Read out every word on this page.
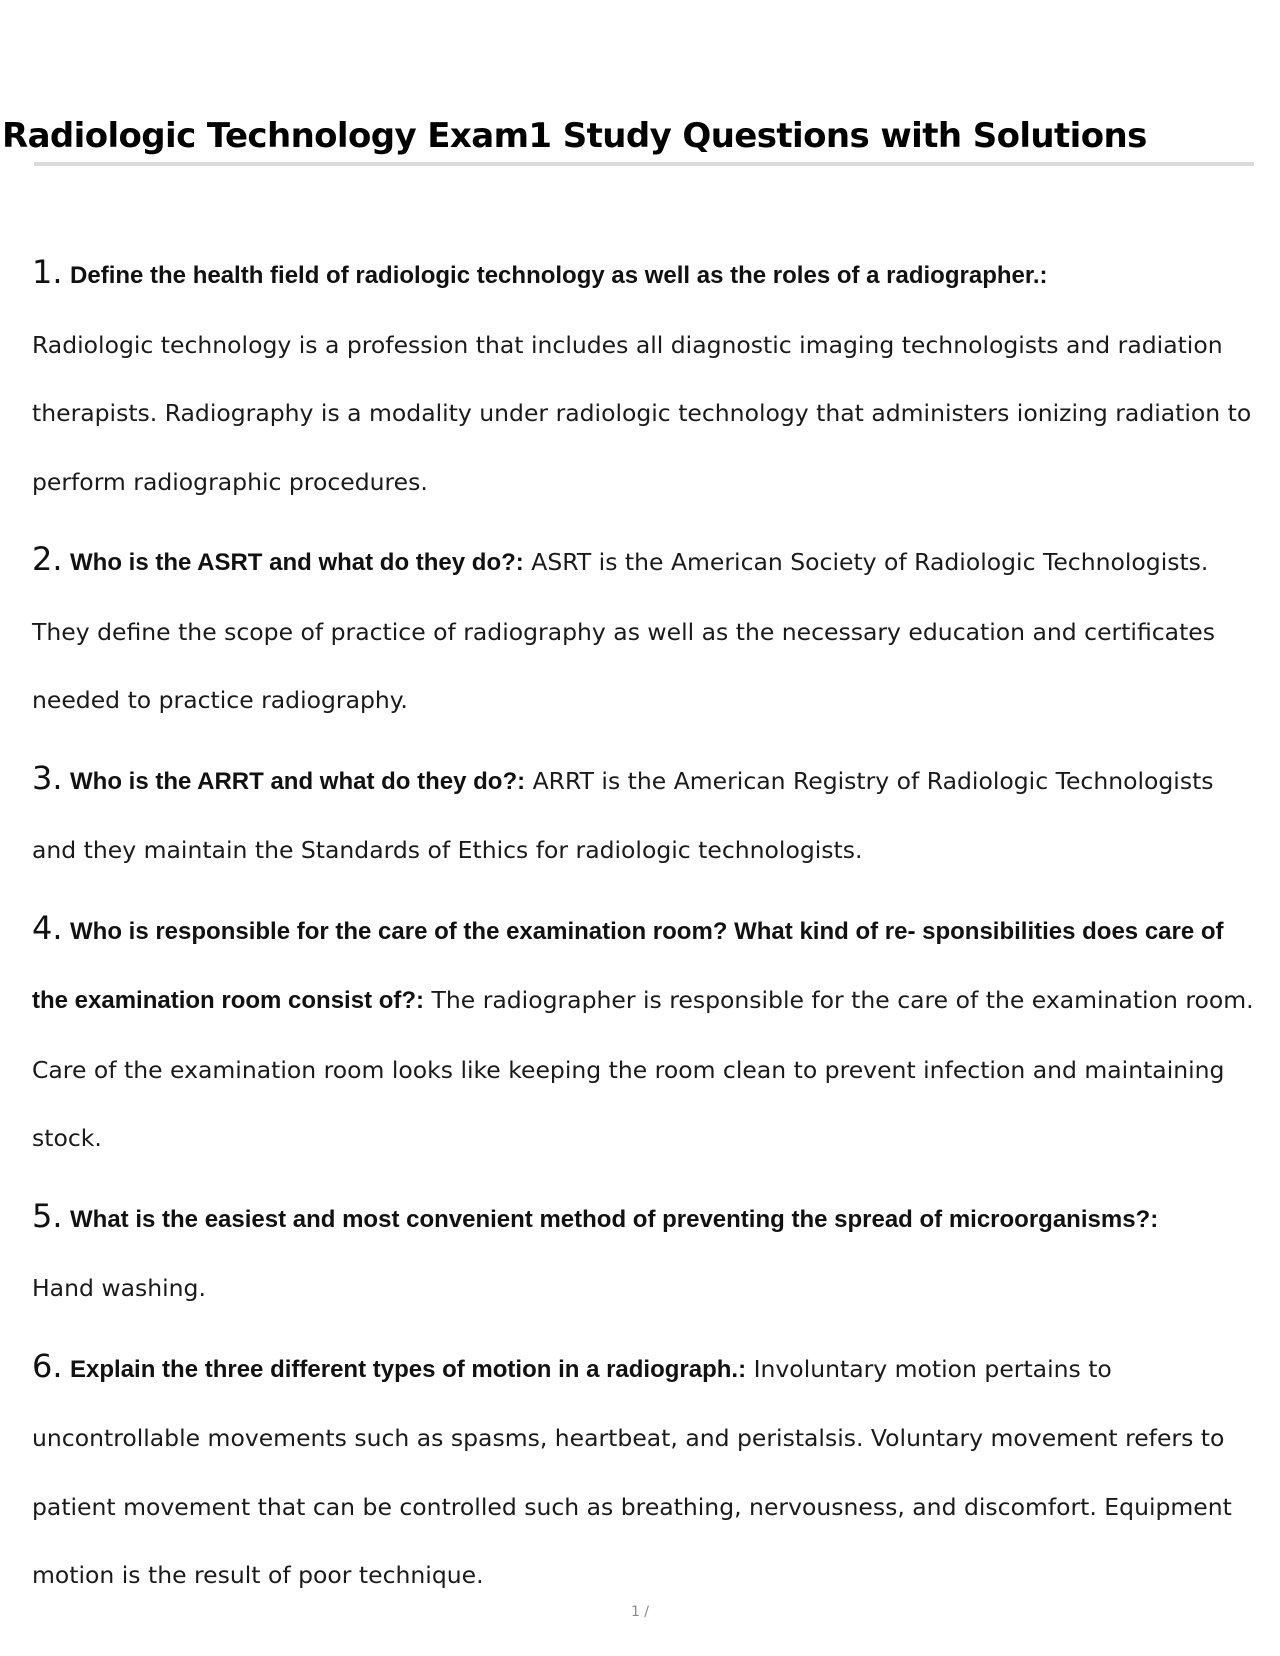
Radiologic Technology Exam1 Study Questions with Solutions

1. Define the health field of radiologic technology as well as the roles of a radiographer.:
Radiologic technology is a profession that includes all diagnostic imaging technologists and radiation therapists. Radiography is a modality under radiologic technology that administers ionizing radiation to perform radiographic procedures.

2. Who is the ASRT and what do they do?: ASRT is the American Society of Radiologic Technologists. They define the scope of practice of radiography as well as the necessary education and certificates needed to practice radiography.

3. Who is the ARRT and what do they do?: ARRT is the American Registry of Radiologic Technologists and they maintain the Standards of Ethics for radiologic technologists.

4. Who is responsible for the care of the examination room? What kind of re- sponsibilities does care of the examination room consist of?: The radiographer is responsible for the care of the examination room. Care of the examination room looks like keeping the room clean to prevent infection and maintaining stock.

5. What is the easiest and most convenient method of preventing the spread of microorganisms?:
Hand washing.

6. Explain the three different types of motion in a radiograph.: Involuntary motion pertains to uncontrollable movements such as spasms, heartbeat, and peristalsis. Voluntary movement refers to patient movement that can be controlled such as breathing, nervousness, and discomfort. Equipment motion is the result of poor technique.

1 /
